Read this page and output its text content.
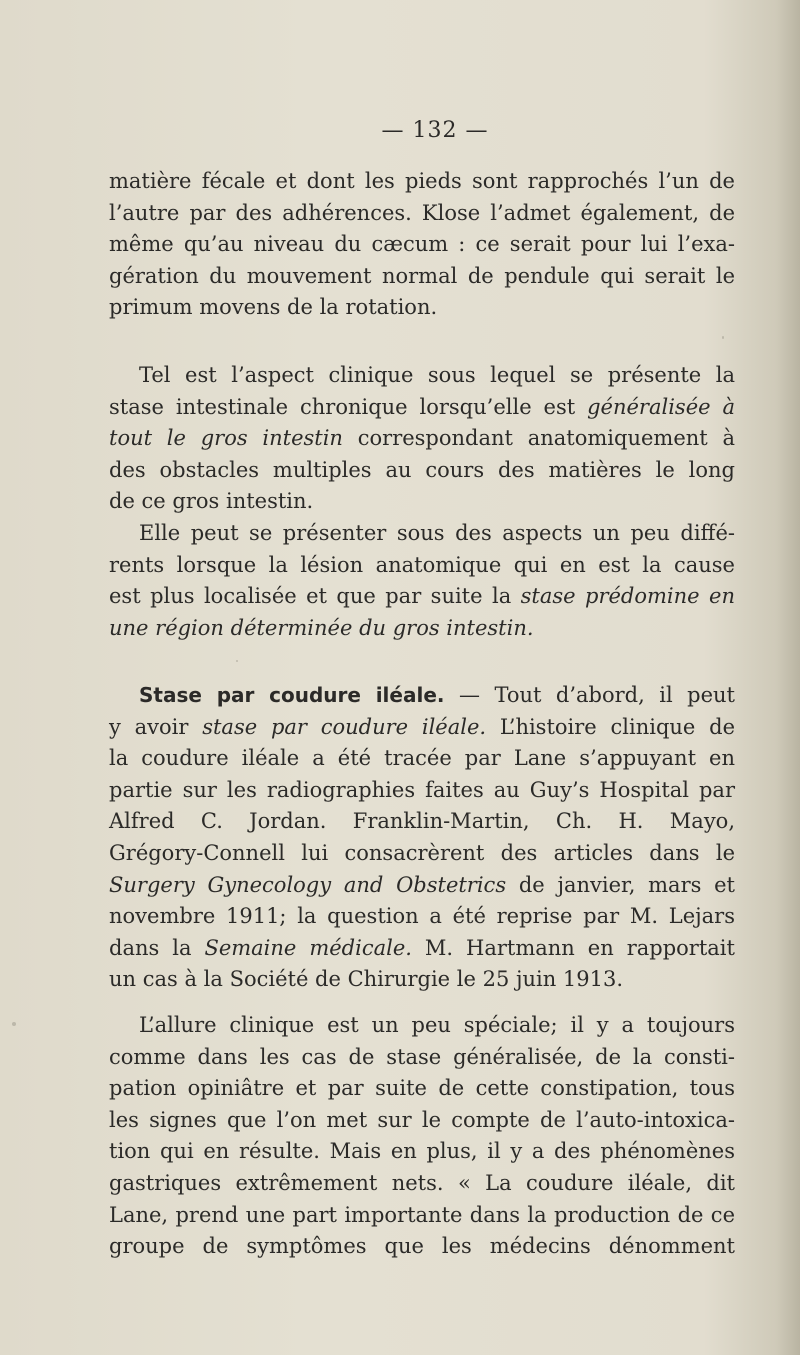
— 132 —
matière fécale et dont les pieds sont rapprochés l’un de
l’autre par des adhérences. Klose l’admet également, de
même qu’au niveau du cæcum : ce serait pour lui l’exa-
gération du mouvement normal de pendule qui serait le
primum movens de la rotation.
Tel est l’aspect clinique sous lequel se présente la
stase intestinale chronique lorsqu’elle est généralisée à
tout le gros intestin correspondant anatomiquement à
des obstacles multiples au cours des matières le long
de ce gros intestin.
Elle peut se présenter sous des aspects un peu diffé-
rents lorsque la lésion anatomique qui en est la cause
est plus localisée et que par suite la stase prédomine en
une région déterminée du gros intestin.
Stase par coudure iléale. — Tout d’abord, il peut
y avoir stase par coudure iléale. L’histoire clinique de
la coudure iléale a été tracée par Lane s’appuyant en
partie sur les radiographies faites au Guy’s Hospital par
Alfred C. Jordan. Franklin-Martin, Ch. H. Mayo,
Grégory-Connell lui consacrèrent des articles dans le
Surgery Gynecology and Obstetrics de janvier, mars et
novembre 1911; la question a été reprise par M. Lejars
dans la Semaine médicale. M. Hartmann en rapportait
un cas à la Société de Chirurgie le 25 juin 1913.
L’allure clinique est un peu spéciale; il y a toujours
comme dans les cas de stase généralisée, de la consti-
pation opiniâtre et par suite de cette constipation, tous
les signes que l’on met sur le compte de l’auto-intoxica-
tion qui en résulte. Mais en plus, il y a des phénomènes
gastriques extrêmement nets. « La coudure iléale, dit
Lane, prend une part importante dans la production de ce
groupe de symptômes que les médecins dénomment
